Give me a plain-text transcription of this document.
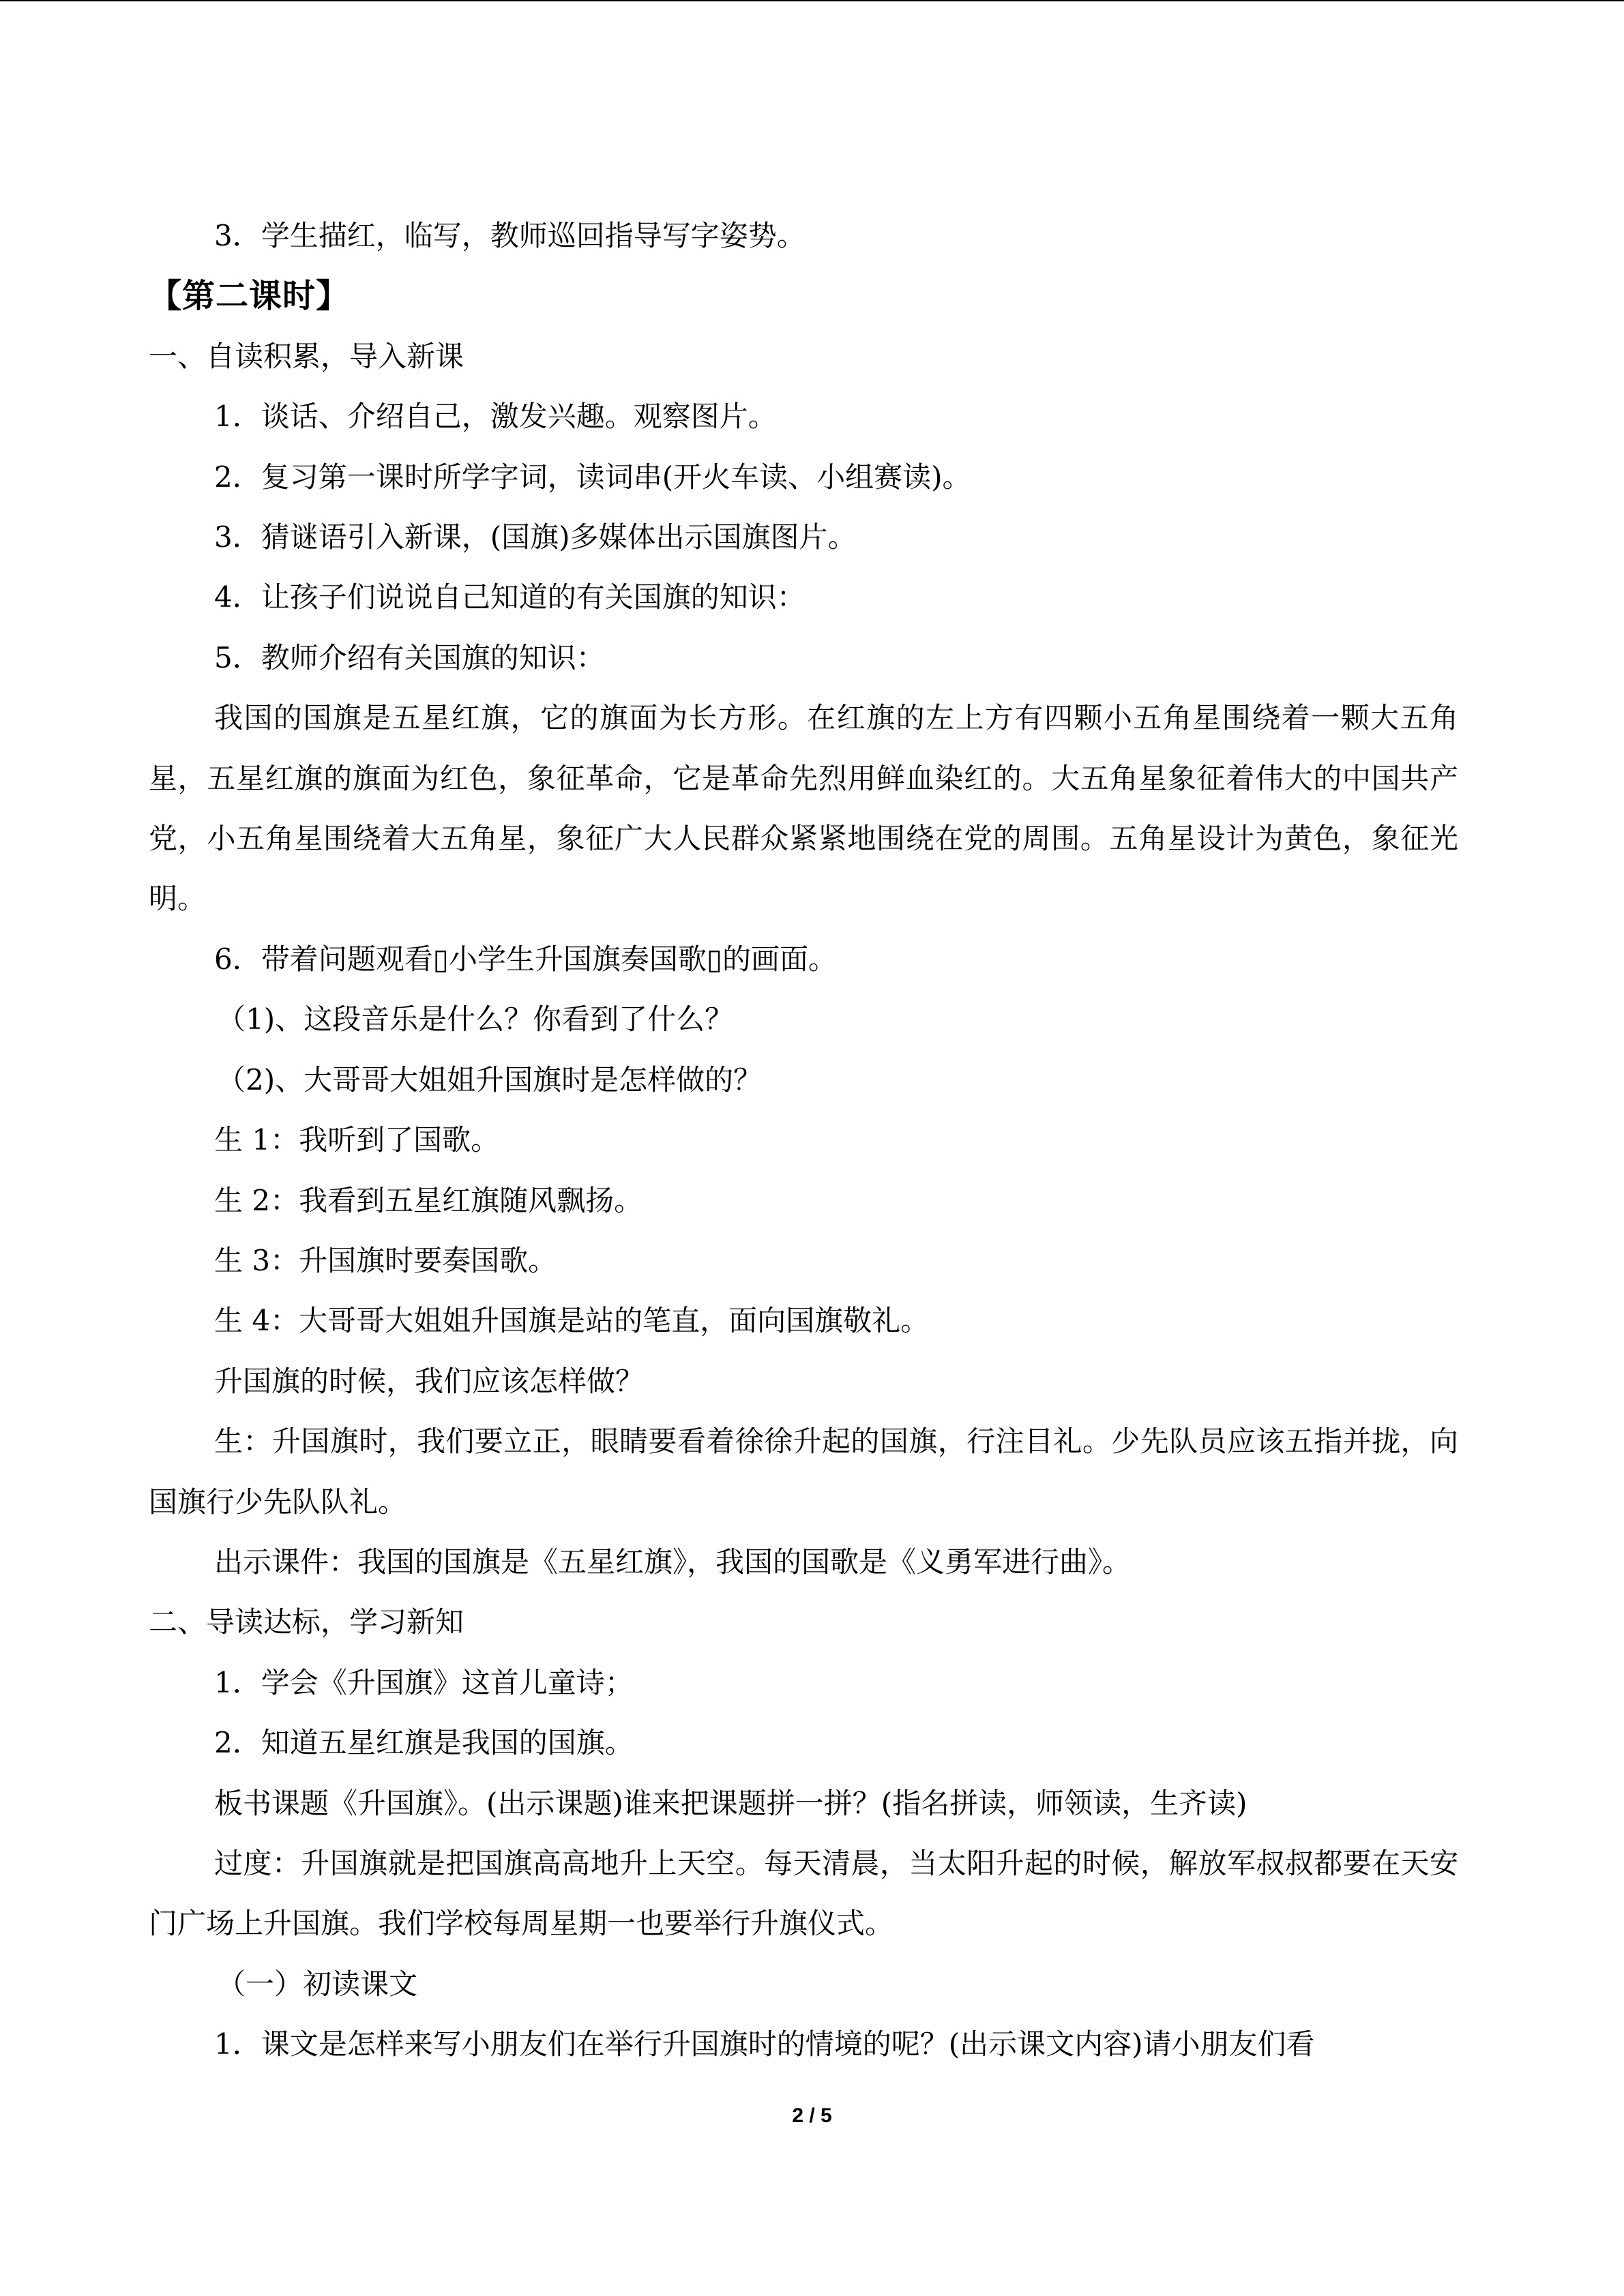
3．学生描红，临写，教师巡回指导写字姿势。

【第二课时】

一、自读积累，导入新课

1．谈话、介绍自己，激发兴趣。观察图片。

2．复习第一课时所学字词，读词串(开火车读、小组赛读)。

3．猜谜语引入新课，(国旗)多媒体出示国旗图片。

4．让孩子们说说自己知道的有关国旗的知识：

5．教师介绍有关国旗的知识：

我国的国旗是五星红旗，它的旗面为长方形。在红旗的左上方有四颗小五角星围绕着一颗大五角星，五星红旗的旗面为红色，象征革命，它是革命先烈用鲜血染红的。大五角星象征着伟大的中国共产党，小五角星围绕着大五角星，象征广大人民群众紧紧地围绕在党的周围。五角星设计为黄色，象征光明。

6．带着问题观看▯小学生升国旗奏国歌▯的画面。

（1)、这段音乐是什么？你看到了什么？

（2)、大哥哥大姐姐升国旗时是怎样做的？

生 1：我听到了国歌。

生 2：我看到五星红旗随风飘扬。

生 3：升国旗时要奏国歌。

生 4：大哥哥大姐姐升国旗是站的笔直，面向国旗敬礼。

升国旗的时候，我们应该怎样做？

生：升国旗时，我们要立正，眼睛要看着徐徐升起的国旗，行注目礼。少先队员应该五指并拢，向国旗行少先队队礼。

出示课件：我国的国旗是《五星红旗》，我国的国歌是《义勇军进行曲》。

二、导读达标，学习新知

1．学会《升国旗》这首儿童诗；

2．知道五星红旗是我国的国旗。

板书课题《升国旗》。(出示课题)谁来把课题拼一拼？(指名拼读，师领读，生齐读)

过度：升国旗就是把国旗高高地升上天空。每天清晨，当太阳升起的时候，解放军叔叔都要在天安门广场上升国旗。我们学校每周星期一也要举行升旗仪式。

（一）初读课文

1．课文是怎样来写小朋友们在举行升国旗时的情境的呢？(出示课文内容)请小朋友们看

2 / 5
